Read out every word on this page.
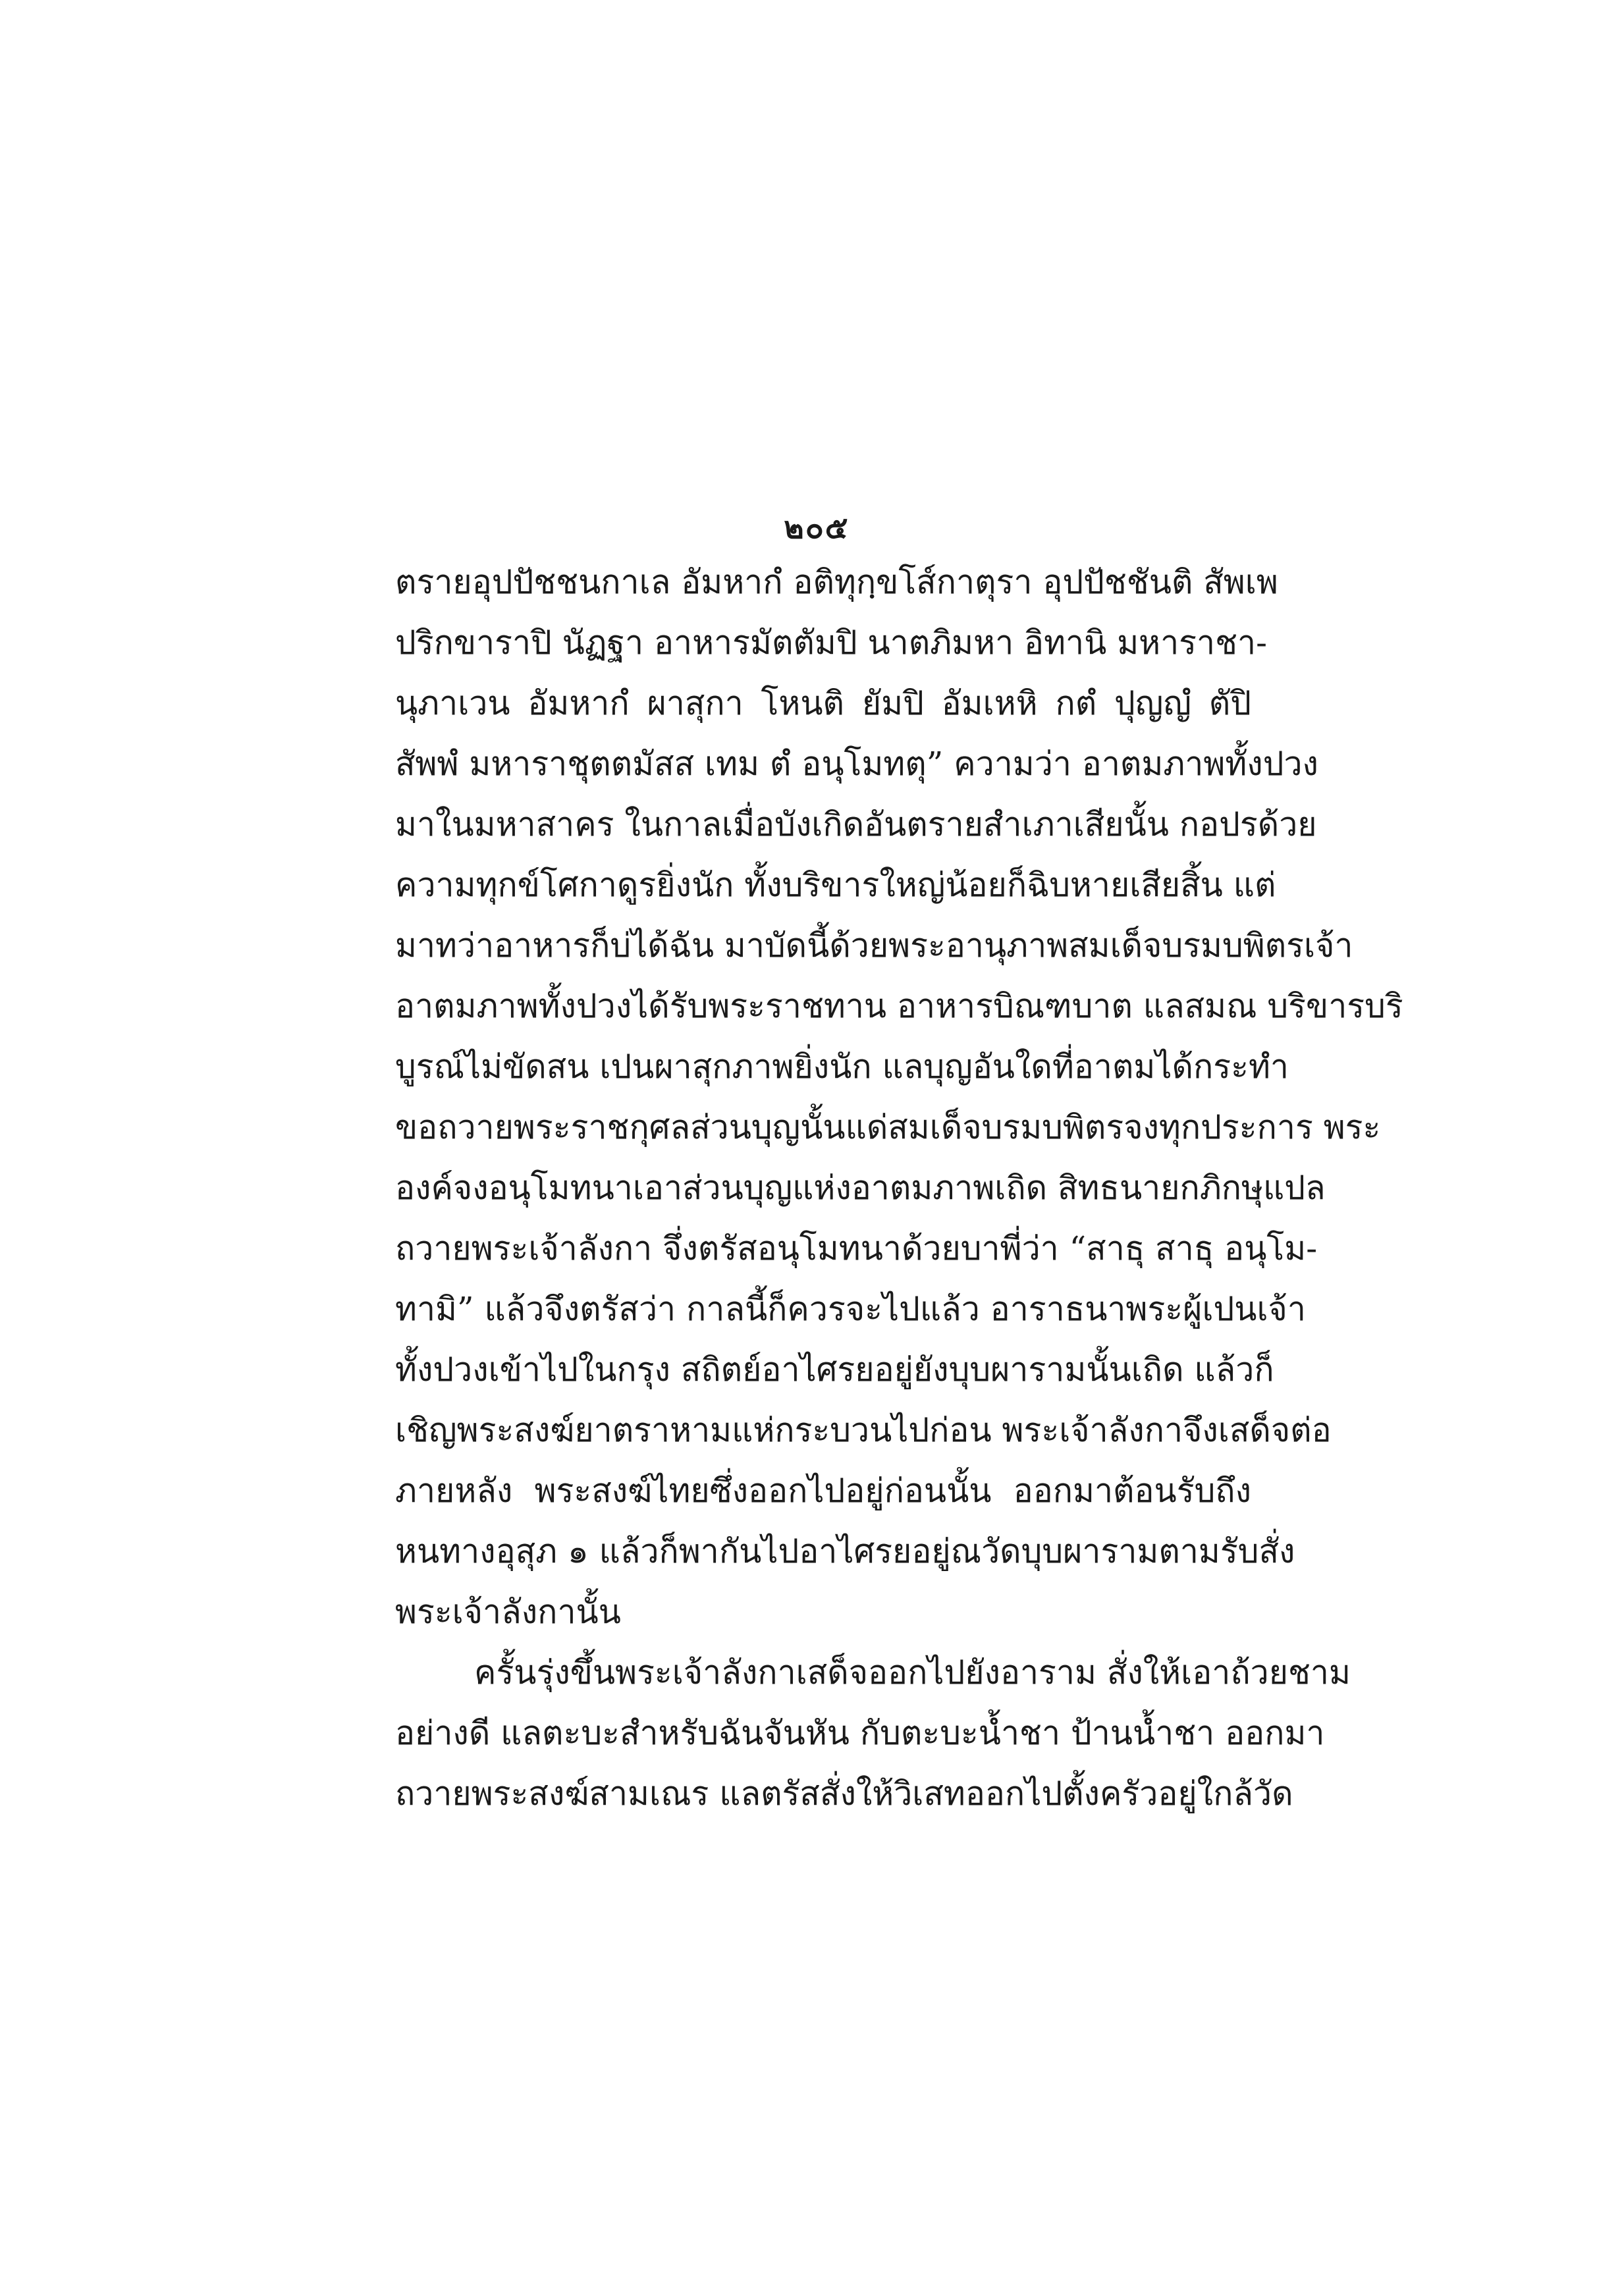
๒๐๕
ตรายอุปปัชชนกาเล อัมหากํ อติทุกฺขโส์กาตุรา อุปปัชชันติ สัพเพ
ปริกขาราปิ นัฏฐา อาหารมัตตัมปิ นาตภิมหา อิทานิ มหาราชา-
นุภาเวน อัมหากํ ผาสุกา โหนติ ยัมปิ อัมเหหิ กตํ ปุญญํ ตัปิ
สัพพํ มหาราชุตตมัสส เทม ตํ อนุโมทตุ” ความว่า อาตมภาพทั้งปวง
มาในมหาสาคร ในกาลเมื่อบังเกิดอันตรายสำเภาเสียนั้น กอปรด้วย
ความทุกข์โศกาดูรยิ่งนัก ทั้งบริขารใหญ่น้อยก็ฉิบหายเสียสิ้น แต่
มาทว่าอาหารก็บ่ได้ฉัน มาบัดนี้ด้วยพระอานุภาพสมเด็จบรมบพิตรเจ้า
อาตมภาพทั้งปวงได้รับพระราชทาน อาหารบิณฑบาต แลสมณ บริขารบริ
บูรณ์ไม่ขัดสน เปนผาสุกภาพยิ่งนัก แลบุญอันใดที่อาตมได้กระทำ
ขอถวายพระราชกุศลส่วนบุญนั้นแด่สมเด็จบรมบพิตรจงทุกประการ พระ
องค์จงอนุโมทนาเอาส่วนบุญแห่งอาตมภาพเถิด สิทธนายกภิกษุแปล
ถวายพระเจ้าลังกา จึ่งตรัสอนุโมทนาด้วยบาพี่ว่า “สาธุ สาธุ อนุโม-
ทามิ” แล้วจึงตรัสว่า กาลนี้ก็ควรจะไปแล้ว อาราธนาพระผู้เปนเจ้า
ทั้งปวงเข้าไปในกรุง สถิตย์อาไศรยอยู่ยังบุบผารามนั้นเถิด แล้วก็
เชิญพระสงฆ์ยาตราหามแห่กระบวนไปก่อน พระเจ้าลังกาจึงเสด็จต่อ
ภายหลัง พระสงฆ์ไทยซึ่งออกไปอยู่ก่อนนั้น ออกมาต้อนรับถึง
หนทางอุสุภ ๑ แล้วก็พากันไปอาไศรยอยู่ณวัดบุบผารามตามรับสั่ง
พระเจ้าลังกานั้น
ครั้นรุ่งขึ้นพระเจ้าลังกาเสด็จออกไปยังอาราม สั่งให้เอาถ้วยชาม
อย่างดี แลตะบะสำหรับฉันจันหัน กับตะบะน้ำชา ป้านน้ำชา ออกมา
ถวายพระสงฆ์สามเณร แลตรัสสั่งให้วิเสทออกไปตั้งครัวอยู่ใกล้วัด
